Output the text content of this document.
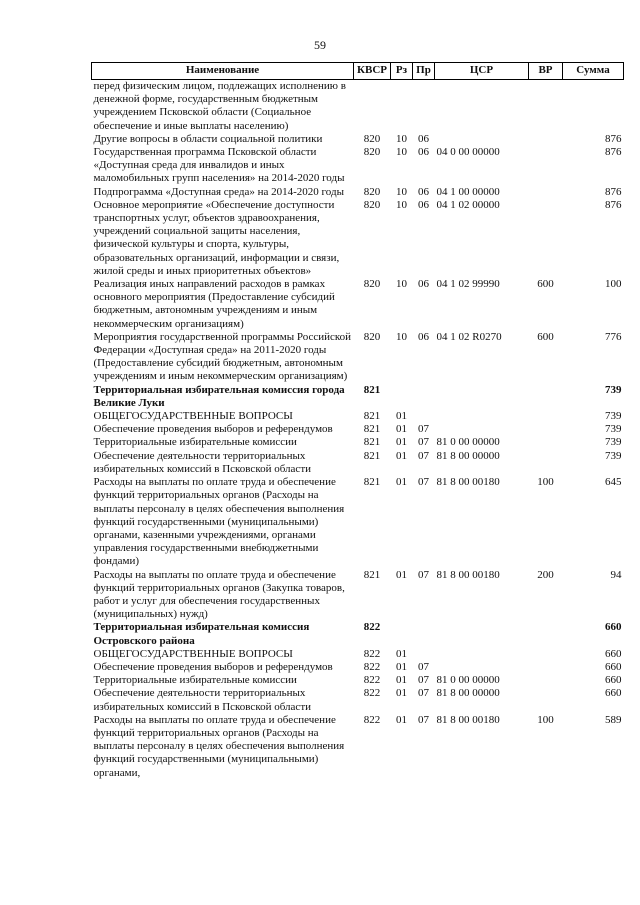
59
Наименование	КВСР	Рз	Пр	ЦСР	ВР	Сумма
перед физическим лицом, подлежащих исполнению в денежной форме, государственным бюджетным учреждением Псковской области (Социальное обеспечение и иные выплаты населению)						
Другие вопросы в области социальной политики	820	10	06			876
Государственная программа Псковской области «Доступная среда для инвалидов и иных маломобильных групп населения» на 2014-2020 годы	820	10	06	04 0 00 00000		876
Подпрограмма «Доступная среда» на 2014-2020 годы	820	10	06	04 1 00 00000		876
Основное мероприятие «Обеспечение доступности транспортных услуг, объектов здравоохранения, учреждений социальной защиты населения, физической культуры и спорта, культуры, образовательных организаций, информации и связи, жилой среды и иных приоритетных объектов»	820	10	06	04 1 02 00000		876
Реализация иных направлений расходов в рамках основного мероприятия (Предоставление субсидий бюджетным, автономным учреждениям и иным некоммерческим организациям)	820	10	06	04 1 02 99990	600	100
Мероприятия государственной программы Российской Федерации «Доступная среда» на 2011-2020 годы (Предоставление субсидий бюджетным, автономным учреждениям и иным некоммерческим организациям)	820	10	06	04 1 02 R0270	600	776
Территориальная избирательная комиссия города Великие Луки	821					739
ОБЩЕГОСУДАРСТВЕННЫЕ ВОПРОСЫ	821	01				739
Обеспечение проведения выборов и референдумов	821	01	07			739
Территориальные избирательные комиссии	821	01	07	81 0 00 00000		739
Обеспечение деятельности территориальных избирательных комиссий в Псковской области	821	01	07	81 8 00 00000		739
Расходы на выплаты по оплате труда и обеспечение функций территориальных органов (Расходы на выплаты персоналу в целях обеспечения выполнения функций государственными (муниципальными) органами, казенными учреждениями, органами управления государственными внебюджетными фондами)	821	01	07	81 8 00 00180	100	645
Расходы на выплаты по оплате труда и обеспечение функций территориальных органов (Закупка товаров, работ и услуг для обеспечения государственных (муниципальных) нужд)	821	01	07	81 8 00 00180	200	94
Территориальная избирательная комиссия Островского района	822					660
ОБЩЕГОСУДАРСТВЕННЫЕ ВОПРОСЫ	822	01				660
Обеспечение проведения выборов и референдумов	822	01	07			660
Территориальные избирательные комиссии	822	01	07	81 0 00 00000		660
Обеспечение деятельности территориальных избирательных комиссий в Псковской области	822	01	07	81 8 00 00000		660
Расходы на выплаты по оплате труда и обеспечение функций территориальных органов (Расходы на выплаты персоналу в целях обеспечения выполнения функций государственными (муниципальными) органами,	822	01	07	81 8 00 00180	100	589
